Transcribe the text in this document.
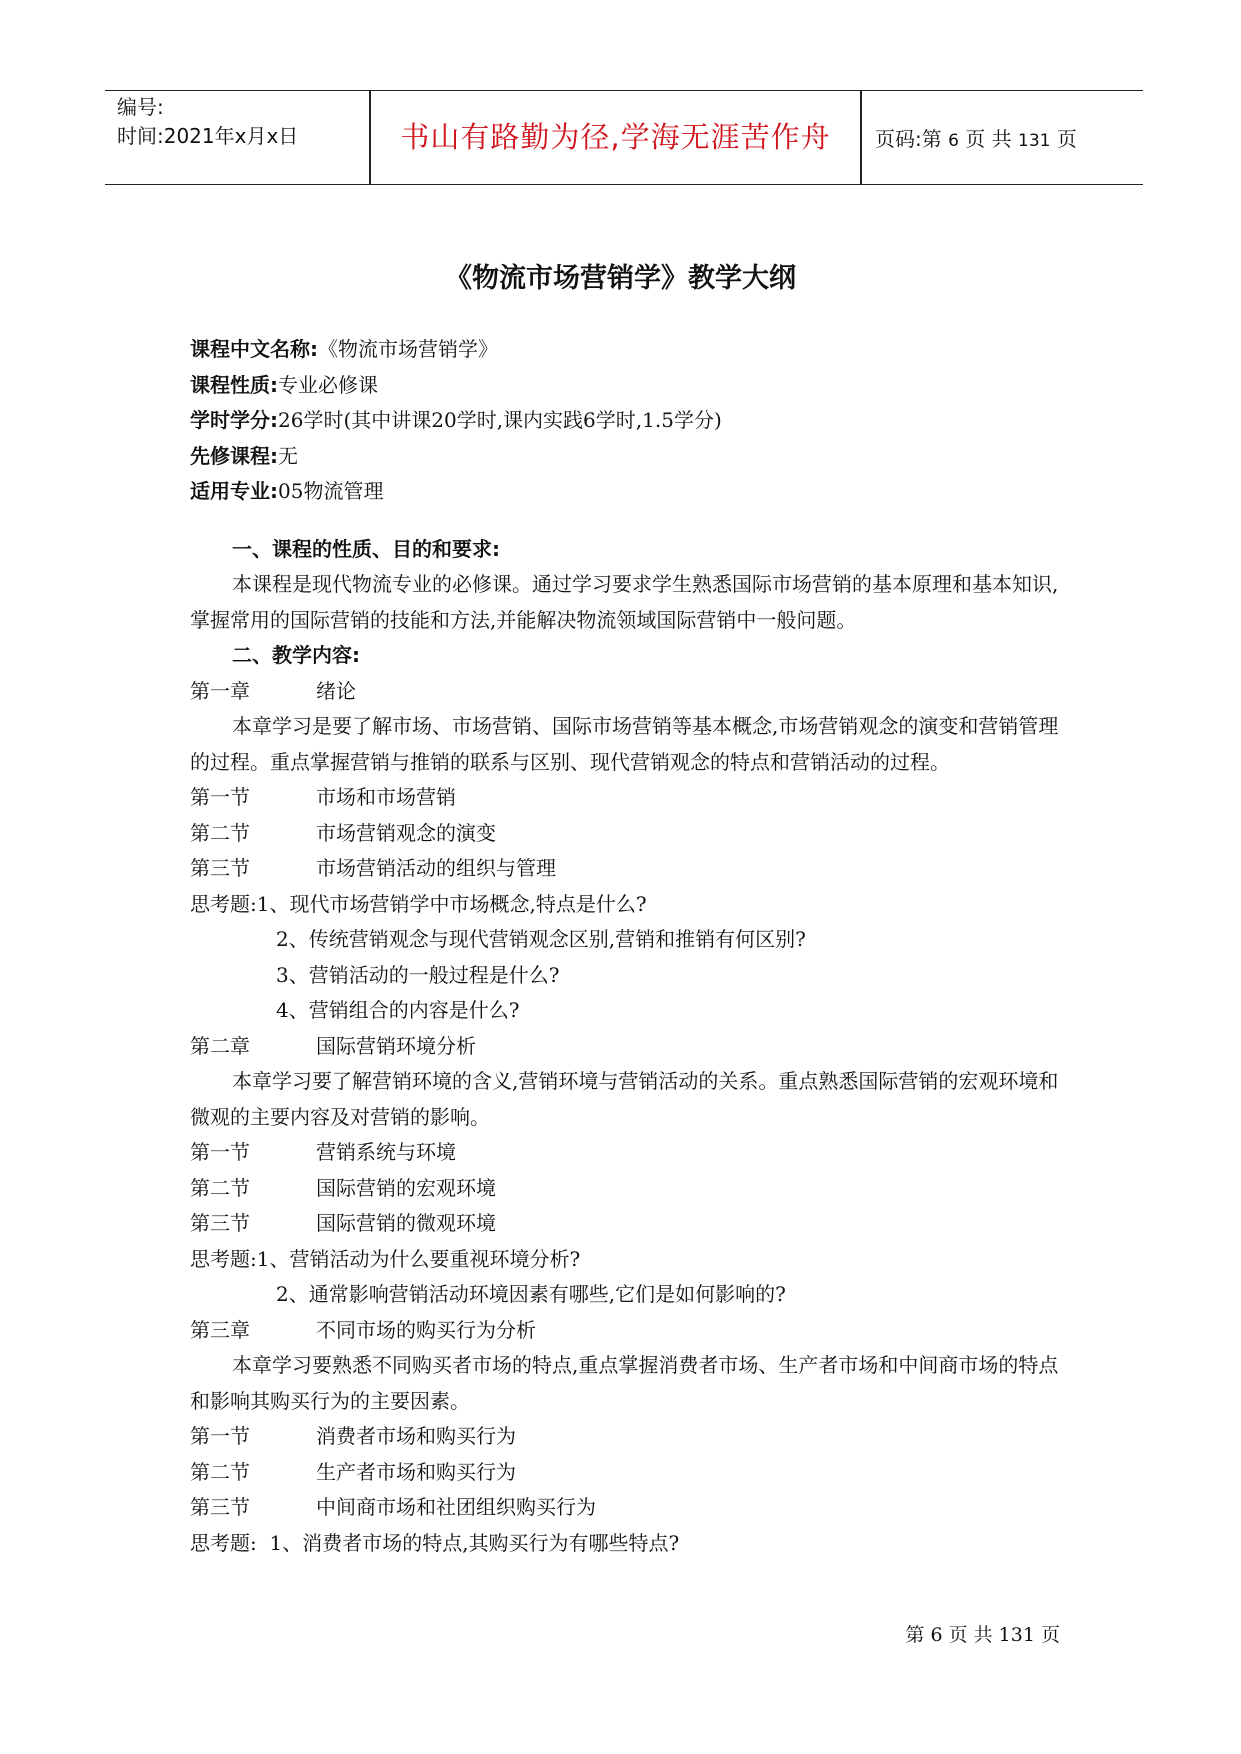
编号:
时间:2021年x月x日	书山有路勤为径,学海无涯苦作舟	页码:第 6 页 共 131 页
《物流市场营销学》教学大纲

课程中文名称:《物流市场营销学》

课程性质:专业必修课

学时学分:26学时(其中讲课20学时,课内实践6学时,1.5学分)

先修课程:无

适用专业:05物流管理

一、课程的性质、目的和要求:

本课程是现代物流专业的必修课。通过学习要求学生熟悉国际市场营销的基本原理和基本知识,掌握常用的国际营销的技能和方法,并能解决物流领域国际营销中一般问题。

二、教学内容:

第一章	绪论

本章学习是要了解市场、市场营销、国际市场营销等基本概念,市场营销观念的演变和营销管理的过程。重点掌握营销与推销的联系与区别、现代营销观念的特点和营销活动的过程。

第一节	市场和市场营销

第二节	市场营销观念的演变

第三节	市场营销活动的组织与管理

思考题:1、现代市场营销学中市场概念,特点是什么?

2、传统营销观念与现代营销观念区别,营销和推销有何区别?

3、营销活动的一般过程是什么?

4、营销组合的内容是什么?

第二章	国际营销环境分析

本章学习要了解营销环境的含义,营销环境与营销活动的关系。重点熟悉国际营销的宏观环境和微观的主要内容及对营销的影响。

第一节	营销系统与环境

第二节	国际营销的宏观环境

第三节	国际营销的微观环境

思考题:1、营销活动为什么要重视环境分析?

2、通常影响营销活动环境因素有哪些,它们是如何影响的?

第三章	不同市场的购买行为分析

本章学习要熟悉不同购买者市场的特点,重点掌握消费者市场、生产者市场和中间商市场的特点和影响其购买行为的主要因素。

第一节	消费者市场和购买行为

第二节	生产者市场和购买行为

第三节	中间商市场和社团组织购买行为

思考题: 1、消费者市场的特点,其购买行为有哪些特点?

第 6 页 共 131 页
